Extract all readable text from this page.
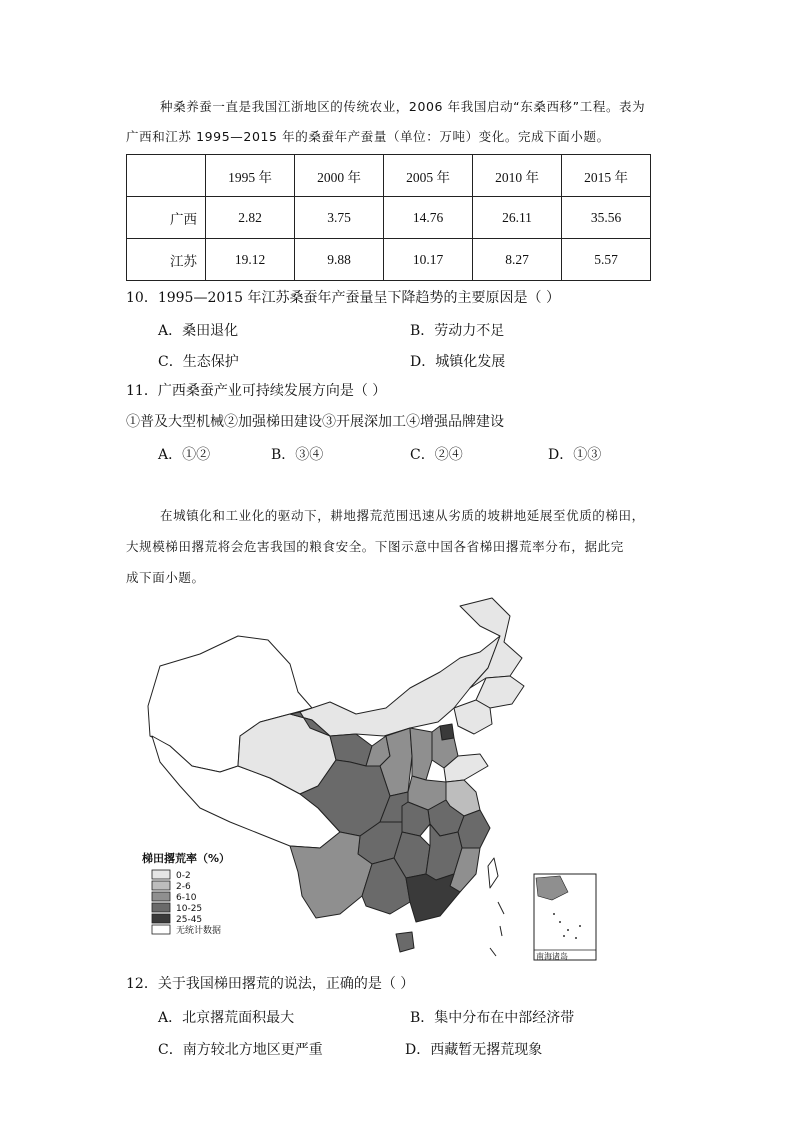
种桑养蚕一直是我国江浙地区的传统农业，2006 年我国启动“东桑西移”工程。表为
广西和江苏 1995—2015 年的桑蚕年产蚕量（单位：万吨）变化。完成下面小题。
	1995 年	2000 年	2005 年	2010 年	2015 年
广西	2.82	3.75	14.76	26.11	35.56
江苏	19.12	9.88	10.17	8.27	5.57
10．1995—2015 年江苏桑蚕年产蚕量呈下降趋势的主要原因是（ ）
A．桑田退化	B．劳动力不足
C．生态保护	D．城镇化发展
11．广西桑蚕产业可持续发展方向是（ ）
①普及大型机械②加强梯田建设③开展深加工④增强品牌建设
A．①②	B．③④	C．②④	D．①③
在城镇化和工业化的驱动下，耕地撂荒范围迅速从劣质的坡耕地延展至优质的梯田，
大规模梯田撂荒将会危害我国的粮食安全。下图示意中国各省梯田撂荒率分布，据此完
成下面小题。
梯田撂荒率（%）
0-2
2-6
6-10
10-25
25-45
无统计数据
南海诸岛
12．关于我国梯田撂荒的说法，正确的是（ ）
A．北京撂荒面积最大	B．集中分布在中部经济带
C．南方较北方地区更严重	D．西藏暂无撂荒现象
